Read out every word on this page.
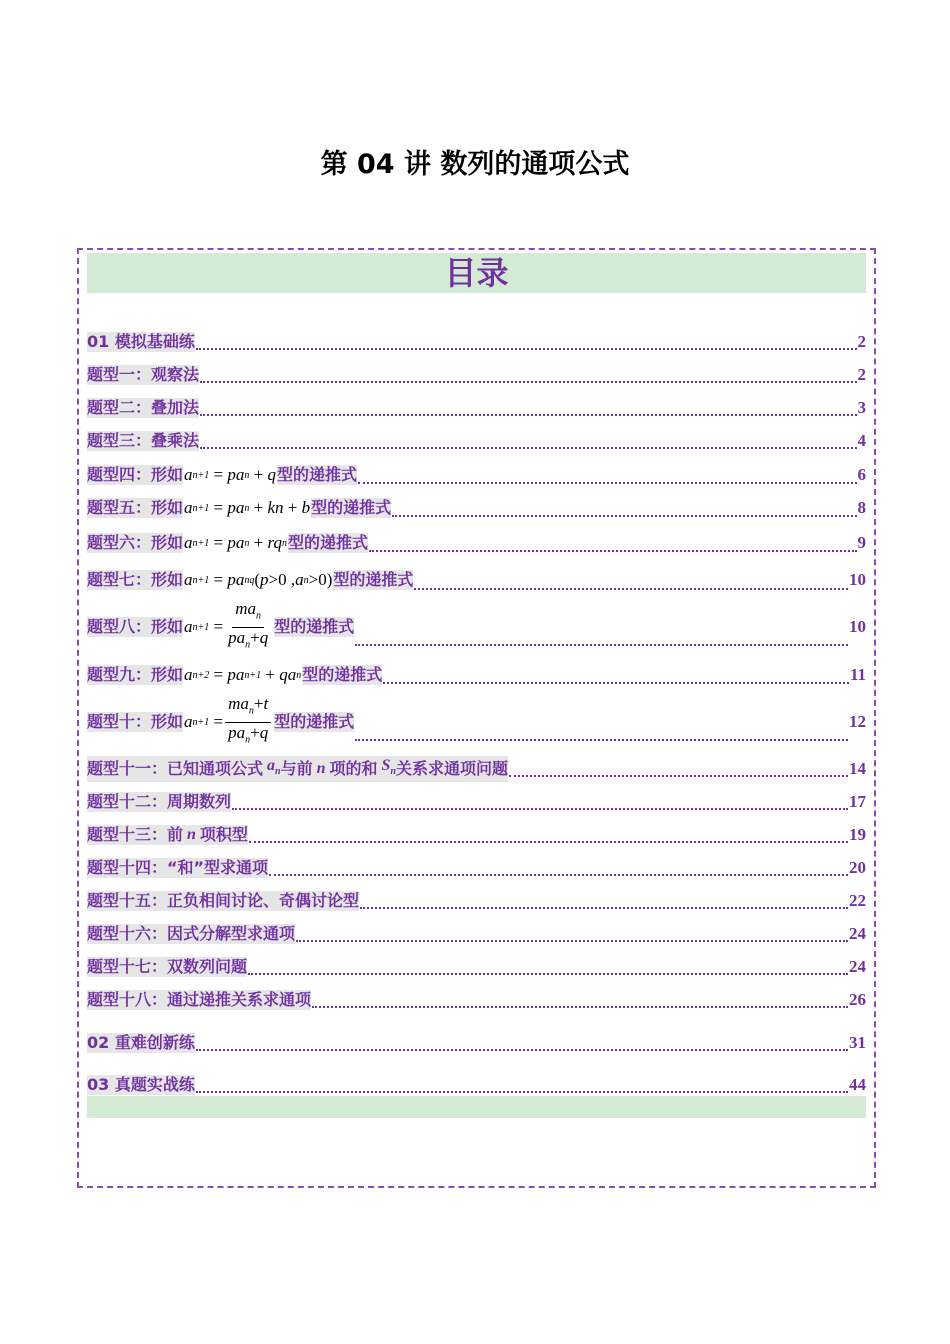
第 04 讲 数列的通项公式
目录
01 模拟基础练	2
题型一：观察法	2
题型二：叠加法	3
题型三：叠乘法	4
题型四：形如 a n+1 = pa n + q 型的递推式	6
题型五：形如 a n+1 = pa n + kn + b 型的递推式	8
题型六：形如 a n+1 = pa n + rq n 型的递推式	9
题型七：形如 a n+1 = pa n q ( p >0 , a n >0) 型的递推式	10
题型八：形如 a $n+1 = \frac{ma_n}{pa_n+q}$ 型的递推式	10
题型九：形如 a n+2 = pa n+1 + qa n 型的递推式	11
题型十：形如 a $n+1 = \frac{ma_n+t}{pa_n+q}$ 型的递推式	12
题型十一：已知通项公式 $a_n$ 与前 n 项的和 $S_n$ 关系求通项问题	14
题型十二：周期数列	17
题型十三：前 n 项积型	19
题型十四：“和”型求通项	20
题型十五：正负相间讨论、奇偶讨论型	22
题型十六：因式分解型求通项	24
题型十七：双数列问题	24
题型十八：通过递推关系求通项	26
02 重难创新练	31
03 真题实战练	44
